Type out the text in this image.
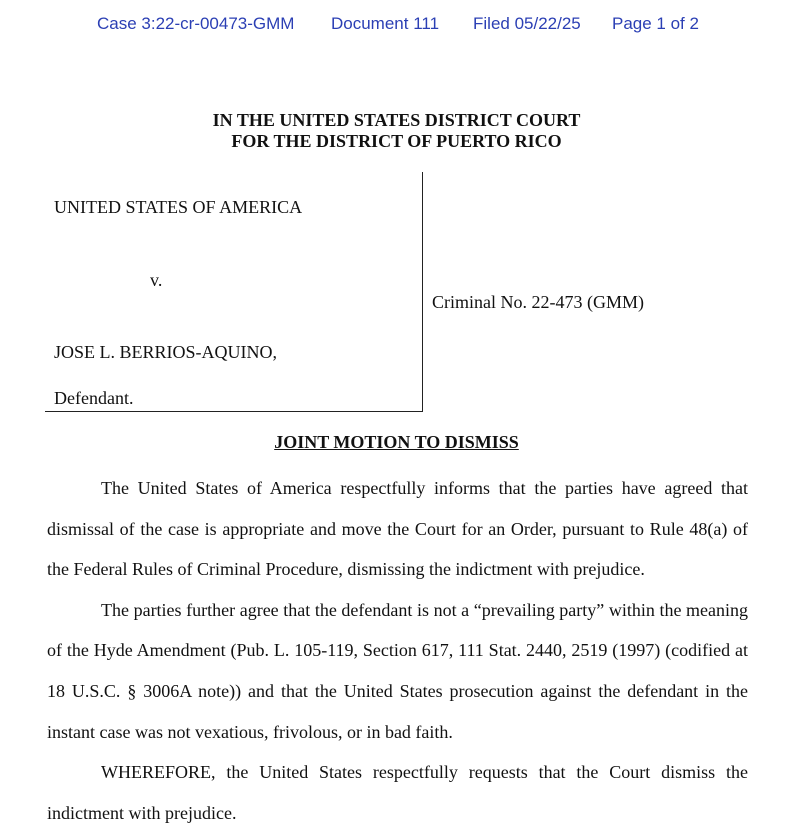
Case 3:22-cr-00473-GMM Document 111 Filed 05/22/25 Page 1 of 2
IN THE UNITED STATES DISTRICT COURT
FOR THE DISTRICT OF PUERTO RICO
UNITED STATES OF AMERICA
v.
JOSE L. BERRIOS-AQUINO,
Defendant.
Criminal No. 22-473 (GMM)
JOINT MOTION TO DISMISS

The United States of America respectfully informs that the parties have agreed that dismissal of the case is appropriate and move the Court for an Order, pursuant to Rule 48(a) of the Federal Rules of Criminal Procedure, dismissing the indictment with prejudice.

The parties further agree that the defendant is not a “prevailing party” within the meaning of the Hyde Amendment (Pub. L. 105-119, Section 617, 111 Stat. 2440, 2519 (1997) (codified at 18 U.S.C. § 3006A note)) and that the United States prosecution against the defendant in the instant case was not vexatious, frivolous, or in bad faith.

WHEREFORE, the United States respectfully requests that the Court dismiss the indictment with prejudice.
